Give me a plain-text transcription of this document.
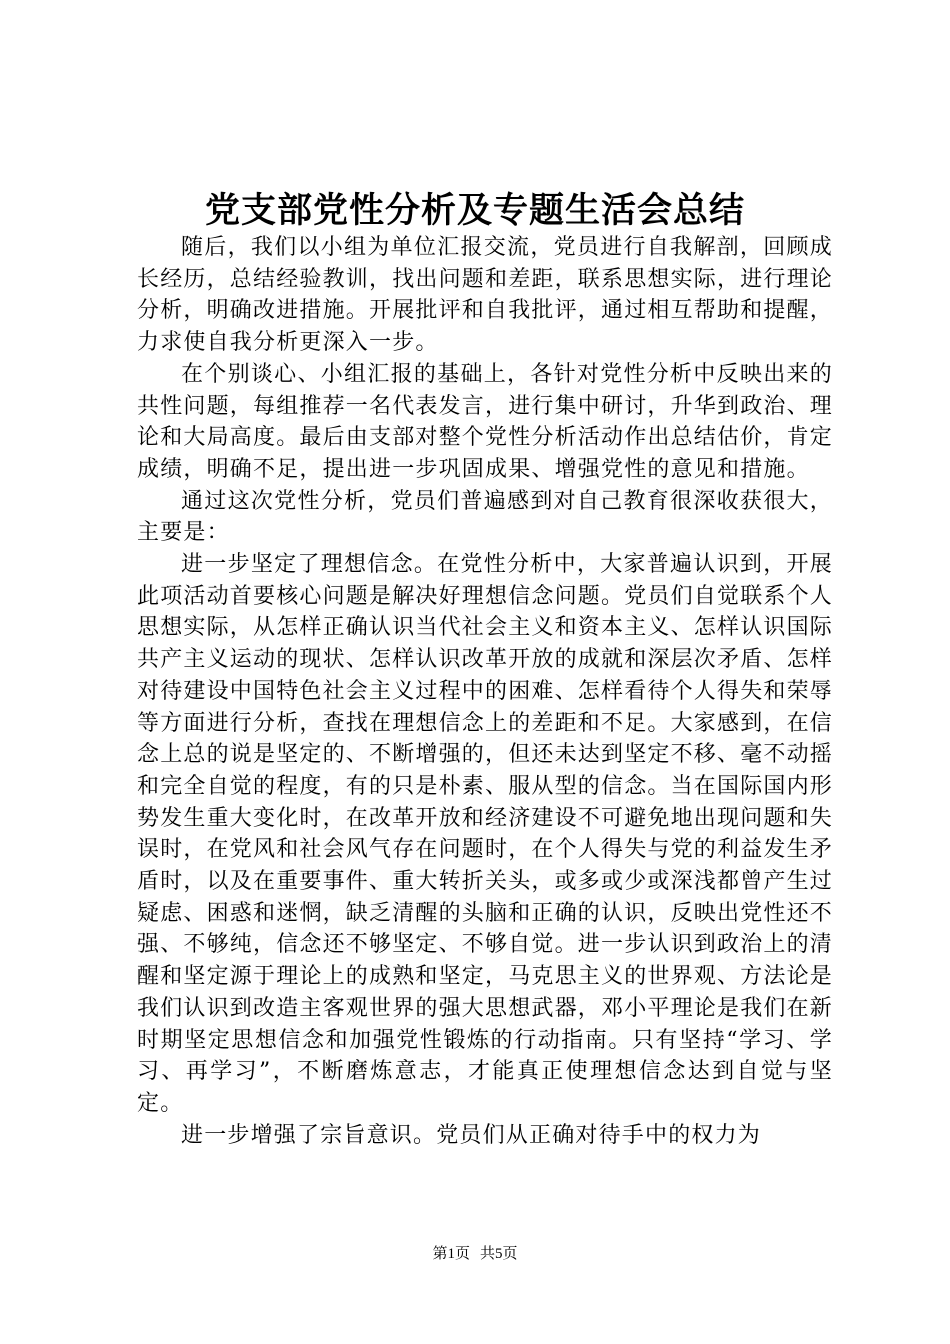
党支部党性分析及专题生活会总结

随后，我们以小组为单位汇报交流，党员进行自我解剖，回顾成长经历，总结经验教训，找出问题和差距，联系思想实际，进行理论分析，明确改进措施。开展批评和自我批评，通过相互帮助和提醒，力求使自我分析更深入一步。

在个别谈心、小组汇报的基础上，各针对党性分析中反映出来的共性问题，每组推荐一名代表发言，进行集中研讨，升华到政治、理论和大局高度。最后由支部对整个党性分析活动作出总结估价，肯定成绩，明确不足，提出进一步巩固成果、增强党性的意见和措施。

通过这次党性分析，党员们普遍感到对自己教育很深收获很大，主要是：

进一步坚定了理想信念。在党性分析中，大家普遍认识到，开展此项活动首要核心问题是解决好理想信念问题。党员们自觉联系个人思想实际，从怎样正确认识当代社会主义和资本主义、怎样认识国际共产主义运动的现状、怎样认识改革开放的成就和深层次矛盾、怎样对待建设中国特色社会主义过程中的困难、怎样看待个人得失和荣辱等方面进行分析，查找在理想信念上的差距和不足。大家感到，在信念上总的说是坚定的、不断增强的，但还未达到坚定不移、毫不动摇和完全自觉的程度，有的只是朴素、服从型的信念。当在国际国内形势发生重大变化时，在改革开放和经济建设不可避免地出现问题和失误时，在党风和社会风气存在问题时，在个人得失与党的利益发生矛盾时，以及在重要事件、重大转折关头，或多或少或深浅都曾产生过疑虑、困惑和迷惘，缺乏清醒的头脑和正确的认识，反映出党性还不强、不够纯，信念还不够坚定、不够自觉。进一步认识到政治上的清醒和坚定源于理论上的成熟和坚定，马克思主义的世界观、方法论是我们认识到改造主客观世界的强大思想武器，邓小平理论是我们在新时期坚定思想信念和加强党性锻炼的行动指南。只有坚持“学习、学习、再学习”，不断磨炼意志，才能真正使理想信念达到自觉与坚定。

进一步增强了宗旨意识。党员们从正确对待手中的权力为

第1页 共5页
